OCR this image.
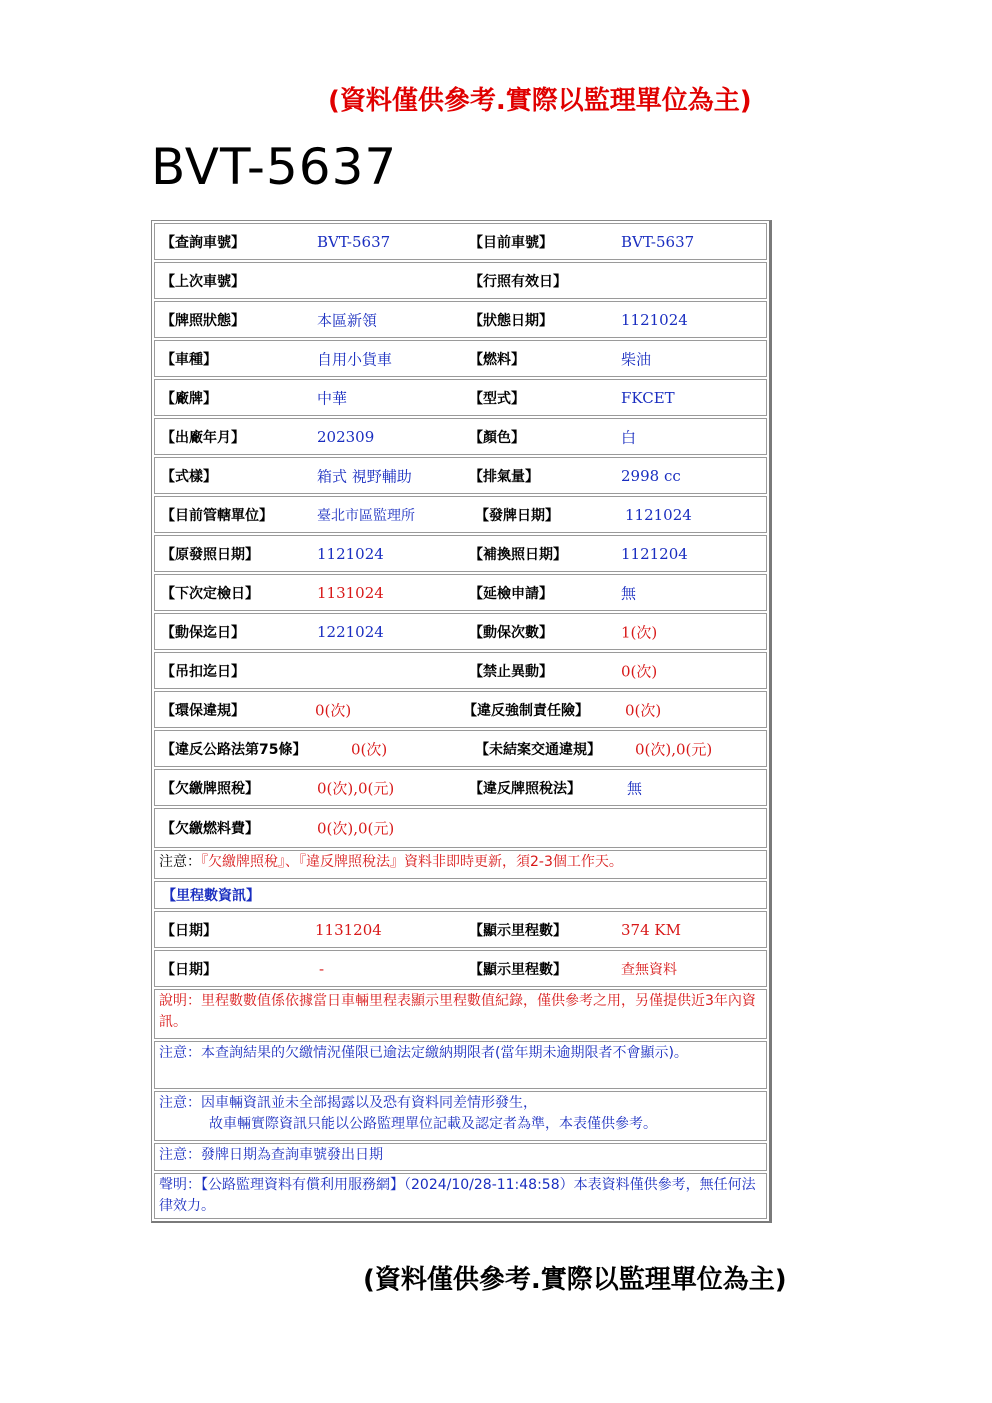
(資料僅供參考.實際以監理單位為主)
BVT-5637
【查詢車號】	BVT-5637	【目前車號】	BVT-5637
【上次車號】	【行照有效日】
【牌照狀態】	本區新領	【狀態日期】	1121024
【車種】	自用小貨車	【燃料】	柴油
【廠牌】	中華	【型式】	FKCET
【出廠年月】	202309	【顏色】	白
【式樣】	箱式 視野輔助	【排氣量】	2998 cc
【目前管轄單位】	臺北市區監理所	【發牌日期】	1121024
【原發照日期】	1121024	【補換照日期】	1121204
【下次定檢日】	1131024	【延檢申請】	無
【動保迄日】	1221024	【動保次數】	1(次)
【吊扣迄日】	【禁止異動】	0(次)
【環保違規】	0(次)	【違反強制責任險】 0(次)
【違反公路法第75條】	0(次)	【未結案交通違規】 0(次),0(元)
【欠繳牌照稅】	0(次),0(元)	【違反牌照稅法】	無
【欠繳燃料費】	0(次),0(元)
注意：『欠繳牌照稅』、『違反牌照稅法』資料非即時更新，須2-3個工作天。
【里程數資訊】
【日期】	1131204	【顯示里程數】	374 KM
【日期】	-	【顯示里程數】	查無資料
說明：里程數數值係依據當日車輛里程表顯示里程數值紀錄，僅供參考之用，另僅提供近3年內資訊。
注意：本查詢結果的欠繳情況僅限已逾法定繳納期限者(當年期未逾期限者不會顯示)。
注意：因車輛資訊並未全部揭露以及恐有資料同差情形發生，
故車輛實際資訊只能以公路監理單位記載及認定者為準，本表僅供參考。
注意：發牌日期為查詢車號發出日期
聲明：【公路監理資料有償利用服務網】（2024/10/28-11:48:58）本表資料僅供參考，無任何法律效力。
(資料僅供參考.實際以監理單位為主)
